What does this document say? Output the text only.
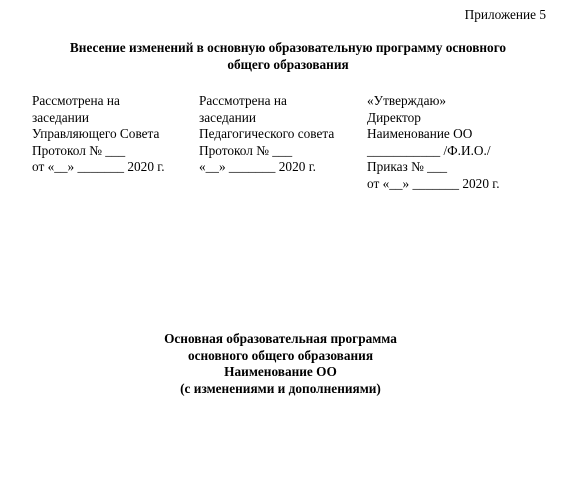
Приложение 5
Внесение изменений в основную образовательную программу основного
общего образования
Рассмотрена на
заседании
Управляющего Совета
Протокол № ___
от «__» _______ 2020 г.
Рассмотрена на
заседании
Педагогического совета
Протокол № ___
«__» _______ 2020 г.
«Утверждаю»
Директор
Наименование ОО
___________ /Ф.И.О./
Приказ № ___
от «__» _______ 2020 г.
Основная образовательная программа
основного общего образования
Наименование ОО
(с изменениями и дополнениями)
